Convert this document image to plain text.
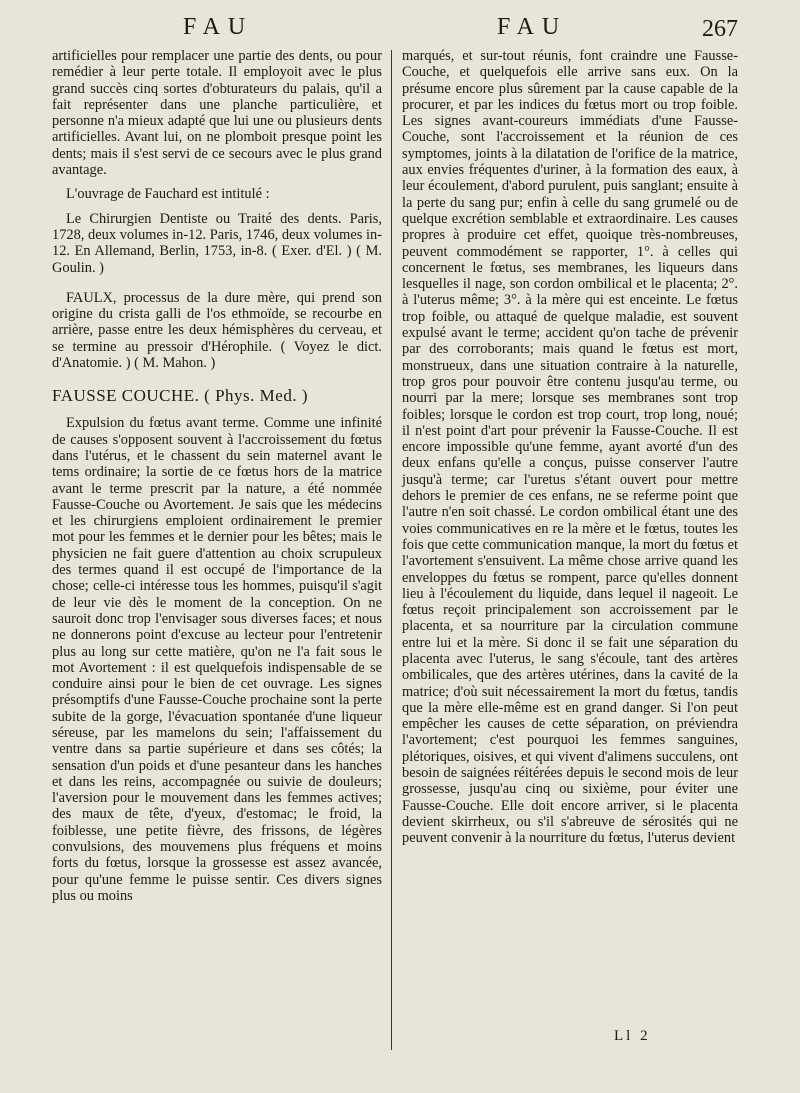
FAU	FAU	267

artificielles pour remplacer une partie des dents, ou pour remédier à leur perte totale. Il employoit avec le plus grand succès cinq sortes d'obturateurs du palais, qu'il a fait représenter dans une planche particulière, et personne n'a mieux adapté que lui une ou plusieurs dents artificielles. Avant lui, on ne plomboit presque point les dents; mais il s'est servi de ce secours avec le plus grand avantage.

L'ouvrage de Fauchard est intitulé :

Le Chirurgien Dentiste ou Traité des dents. Paris, 1728, deux volumes in-12. Paris, 1746, deux volumes in-12. En Allemand, Berlin, 1753, in-8. ( Exer. d'El. ) ( M. Goulin. )

FAULX, processus de la dure mère, qui prend son origine du crista galli de l'os ethmoïde, se recourbe en arrière, passe entre les deux hémisphères du cerveau, et se termine au pressoir d'Hérophile. ( Voyez le dict. d'Anatomie. ) ( M. Mahon. )

FAUSSE COUCHE. ( Phys. Med. )

Expulsion du fœtus avant terme. Comme une infinité de causes s'opposent souvent à l'accroissement du fœtus dans l'utérus, et le chassent du sein maternel avant le tems ordinaire; la sortie de ce fœtus hors de la matrice avant le terme prescrit par la nature, a été nommée Fausse-Couche ou Avortement. Je sais que les médecins et les chirurgiens emploient ordinairement le premier mot pour les femmes et le dernier pour les bêtes; mais le physicien ne fait guere d'attention au choix scrupuleux des termes quand il est occupé de l'importance de la chose; celle-ci intéresse tous les hommes, puisqu'il s'agit de leur vie dès le moment de la conception. On ne sauroit donc trop l'envisager sous diverses faces; et nous ne donnerons point d'excuse au lecteur pour l'entretenir plus au long sur cette matière, qu'on ne l'a fait sous le mot Avortement : il est quelquefois indispensable de se conduire ainsi pour le bien de cet ouvrage. Les signes présomptifs d'une Fausse-Couche prochaine sont la perte subite de la gorge, l'évacuation spontanée d'une liqueur séreuse, par les mamelons du sein; l'affaissement du ventre dans sa partie supérieure et dans ses côtés; la sensation d'un poids et d'une pesanteur dans les hanches et dans les reins, accompagnée ou suivie de douleurs; l'aversion pour le mouvement dans les femmes actives; des maux de tête, d'yeux, d'estomac; le froid, la foiblesse, une petite fièvre, des frissons, de légères convulsions, des mouvemens plus fréquens et moins forts du fœtus, lorsque la grossesse est assez avancée, pour qu'une femme le puisse sentir. Ces divers signes plus ou moins

marqués, et sur-tout réunis, font craindre une Fausse-Couche, et quelquefois elle arrive sans eux. On la présume encore plus sûrement par la cause capable de la procurer, et par les indices du fœtus mort ou trop foible. Les signes avant-coureurs immédiats d'une Fausse-Couche, sont l'accroissement et la réunion de ces symptomes, joints à la dilatation de l'orifice de la matrice, aux envies fréquentes d'uriner, à la formation des eaux, à leur écoulement, d'abord purulent, puis sanglant; ensuite à la perte du sang pur; enfin à celle du sang grumelé ou de quelque excrétion semblable et extraordinaire. Les causes propres à produire cet effet, quoique très-nombreuses, peuvent commodément se rapporter, 1°. à celles qui concernent le fœtus, ses membranes, les liqueurs dans lesquelles il nage, son cordon ombilical et le placenta; 2°. à l'uterus même; 3°. à la mère qui est enceinte. Le fœtus trop foible, ou attaqué de quelque maladie, est souvent expulsé avant le terme; accident qu'on tache de prévenir par des corroborants; mais quand le fœtus est mort, monstrueux, dans une situation contraire à la naturelle, trop gros pour pouvoir être contenu jusqu'au terme, ou nourri par la mere; lorsque ses membranes sont trop foibles; lorsque le cordon est trop court, trop long, noué; il n'est point d'art pour prévenir la Fausse-Couche. Il est encore impossible qu'une femme, ayant avorté d'un des deux enfans qu'elle a conçus, puisse conserver l'autre jusqu'à terme; car l'uretus s'étant ouvert pour mettre dehors le premier de ces enfans, ne se referme point que l'autre n'en soit chassé. Le cordon ombilical étant une des voies communicatives en re la mère et le fœtus, toutes les fois que cette communication manque, la mort du fœtus et l'avortement s'ensuivent. La même chose arrive quand les enveloppes du fœtus se rompent, parce qu'elles donnent lieu à l'écoulement du liquide, dans lequel il nageoit. Le fœtus reçoit principalement son accroissement par le placenta, et sa nourriture par la circulation commune entre lui et la mère. Si donc il se fait une séparation du placenta avec l'uterus, le sang s'écoule, tant des artères ombilicales, que des artères utérines, dans la cavité de la matrice; d'où suit nécessairement la mort du fœtus, tandis que la mère elle-même est en grand danger. Si l'on peut empêcher les causes de cette séparation, on préviendra l'avortement; c'est pourquoi les femmes sanguines, plétoriques, oisives, et qui vivent d'alimens succulens, ont besoin de saignées réitérées depuis le second mois de leur grossesse, jusqu'au cinq ou sixième, pour éviter une Fausse-Couche. Elle doit encore arriver, si le placenta devient skirrheux, ou s'il s'abreuve de sérosités qui ne peuvent convenir à la nourriture du fœtus, l'uterus devient

Ll 2
